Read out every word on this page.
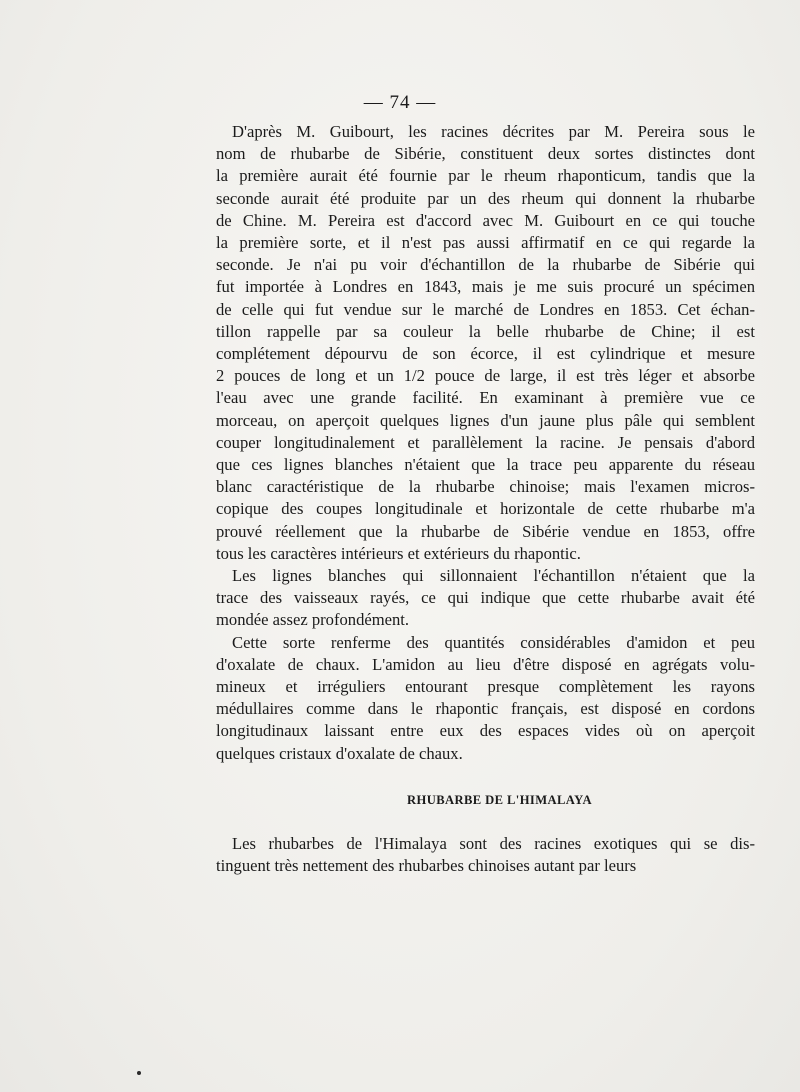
— 74 —
D'après M. Guibourt, les racines décrites par M. Pereira sous le
nom de rhubarbe de Sibérie, constituent deux sortes distinctes dont
la première aurait été fournie par le rheum rhaponticum, tandis que la
seconde aurait été produite par un des rheum qui donnent la rhubarbe
de Chine. M. Pereira est d'accord avec M. Guibourt en ce qui touche
la première sorte, et il n'est pas aussi affirmatif en ce qui regarde la
seconde. Je n'ai pu voir d'échantillon de la rhubarbe de Sibérie qui
fut importée à Londres en 1843, mais je me suis procuré un spécimen
de celle qui fut vendue sur le marché de Londres en 1853. Cet échan-
tillon rappelle par sa couleur la belle rhubarbe de Chine; il est
complétement dépourvu de son écorce, il est cylindrique et mesure
2 pouces de long et un 1/2 pouce de large, il est très léger et absorbe
l'eau avec une grande facilité. En examinant à première vue ce
morceau, on aperçoit quelques lignes d'un jaune plus pâle qui semblent
couper longitudinalement et parallèlement la racine. Je pensais d'abord
que ces lignes blanches n'étaient que la trace peu apparente du réseau
blanc caractéristique de la rhubarbe chinoise; mais l'examen micros-
copique des coupes longitudinale et horizontale de cette rhubarbe m'a
prouvé réellement que la rhubarbe de Sibérie vendue en 1853, offre
tous les caractères intérieurs et extérieurs du rhapontic.
Les lignes blanches qui sillonnaient l'échantillon n'étaient que la
trace des vaisseaux rayés, ce qui indique que cette rhubarbe avait été
mondée assez profondément.
Cette sorte renferme des quantités considérables d'amidon et peu
d'oxalate de chaux. L'amidon au lieu d'être disposé en agrégats volu-
mineux et irréguliers entourant presque complètement les rayons
médullaires comme dans le rhapontic français, est disposé en cordons
longitudinaux laissant entre eux des espaces vides où on aperçoit
quelques cristaux d'oxalate de chaux.
RHUBARBE DE L'HIMALAYA
Les rhubarbes de l'Himalaya sont des racines exotiques qui se dis-
tinguent très nettement des rhubarbes chinoises autant par leurs
